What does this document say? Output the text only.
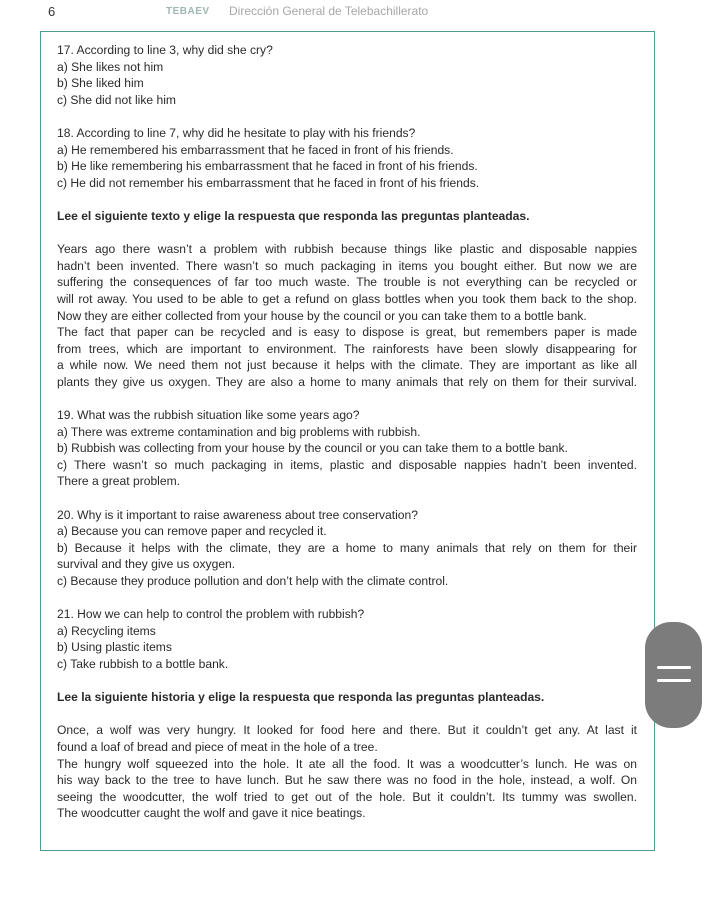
6	TEBAEV Dirección General de Telebachillerato
17. According to line 3, why did she cry?
a) She likes not him
b) She liked him
c) She did not like him
18. According to line 7, why did he hesitate to play with his friends?
a) He remembered his embarrassment that he faced in front of his friends.
b) He like remembering his embarrassment that he faced in front of his friends.
c) He did not remember his embarrassment that he faced in front of his friends.
Lee el siguiente texto y elige la respuesta que responda las preguntas planteadas.
Years ago there wasn’t a problem with rubbish because things like plastic and disposable nappies
hadn’t been invented. There wasn’t so much packaging in items you bought either. But now we are
suffering the consequences of far too much waste. The trouble is not everything can be recycled or
will rot away. You used to be able to get a refund on glass bottles when you took them back to the shop.
Now they are either collected from your house by the council or you can take them to a bottle bank.
The fact that paper can be recycled and is easy to dispose is great, but remembers paper is made
from trees, which are important to environment. The rainforests have been slowly disappearing for
a while now. We need them not just because it helps with the climate. They are important as like all
plants they give us oxygen. They are also a home to many animals that rely on them for their survival.
19. What was the rubbish situation like some years ago?
a) There was extreme contamination and big problems with rubbish.
b) Rubbish was collecting from your house by the council or you can take them to a bottle bank.
c) There wasn’t so much packaging in items, plastic and disposable nappies hadn’t been invented.
There a great problem.
20. Why is it important to raise awareness about tree conservation?
a) Because you can remove paper and recycled it.
b) Because it helps with the climate, they are a home to many animals that rely on them for their
survival and they give us oxygen.
c) Because they produce pollution and don’t help with the climate control.
21. How we can help to control the problem with rubbish?
a) Recycling items
b) Using plastic items
c) Take rubbish to a bottle bank.
Lee la siguiente historia y elige la respuesta que responda las preguntas planteadas.
Once, a wolf was very hungry. It looked for food here and there. But it couldn’t get any. At last it
found a loaf of bread and piece of meat in the hole of a tree.
The hungry wolf squeezed into the hole. It ate all the food. It was a woodcutter’s lunch. He was on
his way back to the tree to have lunch. But he saw there was no food in the hole, instead, a wolf. On
seeing the woodcutter, the wolf tried to get out of the hole. But it couldn’t. Its tummy was swollen.
The woodcutter caught the wolf and gave it nice beatings.
